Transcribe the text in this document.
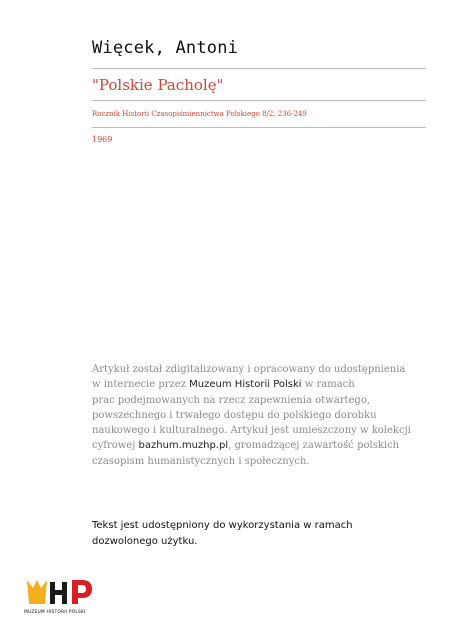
Więcek, Antoni
"Polskie Pacholę"
Rocznik Historii Czasopiśmiennictwa Polskiego 8/2, 236-249
1969
Artykuł został zdigitalizowany i opracowany do udostępnienia
w internecie przez Muzeum Historii Polski w ramach
prac podejmowanych na rzecz zapewnienia otwartego,
powszechnego i trwałego dostępu do polskiego dorobku
naukowego i kulturalnego. Artykuł jest umieszczony w kolekcji
cyfrowej bazhum.muzhp.pl, gromadzącej zawartość polskich
czasopism humanistycznych i społecznych.
Tekst jest udostępniony do wykorzystania w ramach
dozwolonego użytku.
MUZEUM HISTORII POLSKI
